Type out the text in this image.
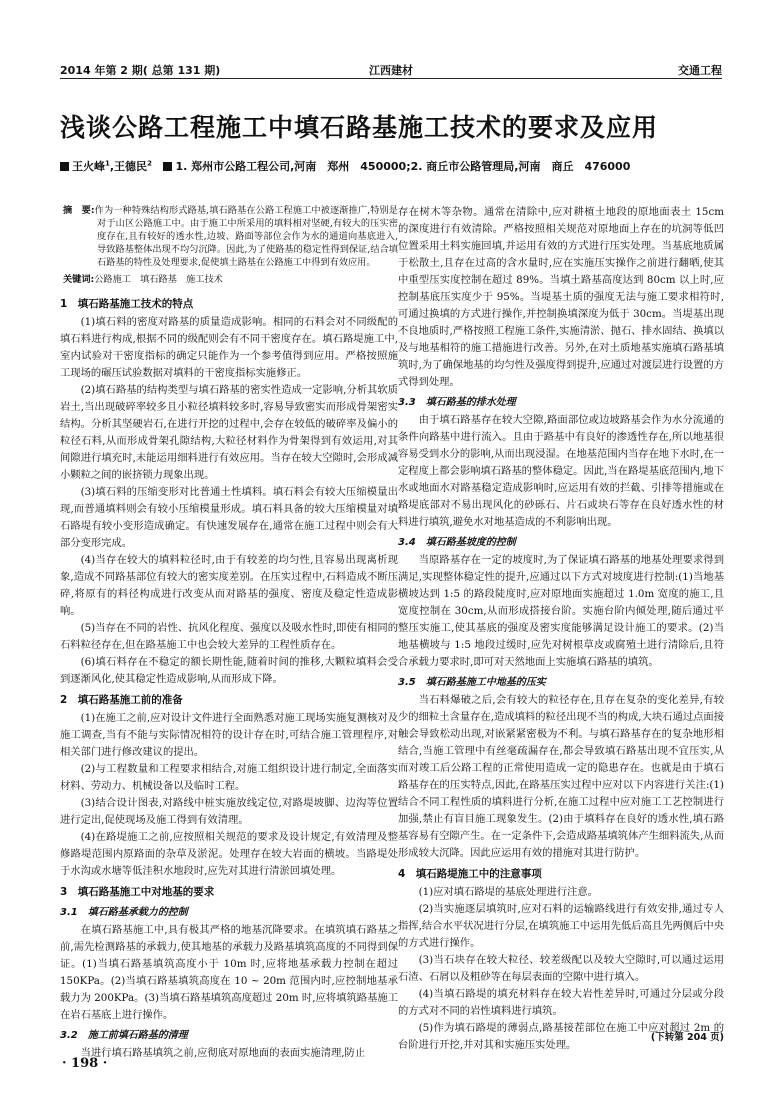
2014 年第 2 期( 总第 131 期)	江西建材	交通工程
浅谈公路工程施工中填石路基施工技术的要求及应用
王火峰$^1$,王德民$^2$ 1. 郑州市公路工程公司,河南　郑州　450000;2. 商丘市公路管理局,河南　商丘　476000

摘　要:作为一种特殊结构形式路基,填石路基在公路工程施工中被逐渐推广,特别是对于山区公路施工中。由于施工中所采用的填料相对坚硬,有较大的压实密度存在,且有较好的透水性,边坡、路面等部位会作为水的通道向基底进入,导致路基整体出现不均匀沉降。因此,为了使路基的稳定性得到保证,结合填石路基的特性及处理要求,促使填土路基在公路施工中得到有效应用。

关键词:公路施工　填石路基　施工技术
1　填石路基施工技术的特点

(1)填石料的密度对路基的质量造成影响。相同的石料会对不同级配的填石料进行构成,根据不同的级配则会有不同干密度存在。填石路堤施工中,室内试验对干密度指标的确定只能作为一个参考值得到应用。严格按照施工现场的碾压试验数据对填料的干密度指标实施修正。

(2)填石路基的结构类型与填石路基的密实性造成一定影响,分析其软质岩土,当出现破碎率较多且小粒径填料较多时,容易导致密实而形成骨架密实结构。分析其坚硬岩石,在进行开挖的过程中,会存在较低的破碎率及偏小的粒径石料,从而形成骨架孔隙结构,大粒径材料作为骨架得到有效运用,对其间隙进行填充时,未能运用细料进行有效应用。当存在较大空隙时,会形成减小颗粒之间的嵌挤锁力现象出现。

(3)填石料的压缩变形对比普通土性填料。填石料会有较大压缩模量出现,而普通填料则会有较小压缩模量形成。填石料具备的较大压缩模量对填石路堤有较小变形造成确定。有快速发展存在,通常在施工过程中则会有大部分变形完成。

(4)当存在较大的填料粒径时,由于有较差的均匀性,且容易出现离析现象,造成不同路基部位有较大的密实度差别。在压实过程中,石料造成不断压碎,将原有的料径构成进行改变从而对路基的强度、密度及稳定性造成影响。

(5)当存在不同的岩性、抗风化程度、强度以及吸水性时,即使有相同的石料粒径存在,但在路基施工中也会较大差异的工程性质存在。

(6)填石料存在不稳定的额长期性能,随着时间的推移,大颗粒填料会受到逐渐风化,使其稳定性造成影响,从而形成下降。

2　填石路基施工前的准备

(1)在施工之前,应对设计文件进行全面熟悉对施工现场实施复测核对及施工调查,当有不能与实际情况相符的设计存在时,可结合施工管理程序,对相关部门进行修改建议的提出。

(2)与工程数量和工程要求相结合,对施工组织设计进行制定,全面落实材料、劳动力、机械设备以及临时工程。

(3)结合设计图表,对路线中桩实施放线定位,对路堤坡脚、边沟等位置进行定出,促使现场及施工得到有效清理。

(4)在路堤施工之前,应按照相关规范的要求及设计规定,有效清理及整修路堤范围内原路面的杂草及淤泥。处理存在较大岩面的横坡。当路堤处于水沟或水塘等低洼积水地段时,应先对其进行清淤回填处理。

3　填石路基施工中对地基的要求
3.1　填石路基承载力的控制

在填石路基施工中,具有极其严格的地基沉降要求。在填筑填石路基之前,需先检测路基的承载力,使其地基的承载力及路基填筑高度的不同得到保证。(1)当填石路基填筑高度小于 10m 时,应将地基承载力控制在超过 150KPa。(2)当填石路基填筑高度在 10 ~ 20m 范围内时,应控制地基承载力为 200KPa。(3)当填石路基填筑高度超过 20m 时,应将填筑路基施工在岩石基底上进行操作。

3.2　施工前填石路基的清理

当进行填石路基填筑之前,应彻底对原地面的表面实施清理,防止

存在树木等杂物。通常在清除中,应对耕植土地段的原地面表土 15cm 的深度进行有效清除。严格按照相关规范对原地面上存在的坑洞等低凹位置采用土料实施回填,并运用有效的方式进行压实处理。当基底地质属于松散土,且存在过高的含水量时,应在实施压实操作之前进行翻晒,使其中重型压实度控制在超过 89%。当填土路基高度达到 80cm 以上时,应控制基底压实度少于 95%。当堤基土质的强度无法与施工要求相符时,可通过换填的方式进行操作,并控制换填深度为低于 30cm。当堤基出现不良地质时,严格按照工程施工条件,实施清淤、抛石、排水固结、换填以及与地基相符的施工措施进行改善。另外,在对土质地基实施填石路基填筑时,为了确保地基的均匀性及强度得到提升,应通过对渡层进行设置的方式得到处理。

3.3　填石路基的排水处理

由于填石路基存在较大空隙,路面部位或边坡路基会作为水分流通的条件向路基中进行流入。且由于路基中有良好的渗透性存在,所以地基很容易受到水分的影响,从而出现浸湿。在地基范围内当存在地下水时,在一定程度上都会影响填石路基的整体稳定。因此,当在路堤基底范围内,地下水或地面水对路基稳定造成影响时,应运用有效的拦截、引排等措施或在路堤底部对不易出现风化的砂砾石、片石或块石等存在良好透水性的材料进行填筑,避免水对地基造成的不利影响出现。

3.4　填石路基坡度的控制

当原路基存在一定的坡度时,为了保证填石路基的地基处理要求得到满足,实现整体稳定性的提升,应通过以下方式对坡度进行控制:(1)当地基横坡达到 1:5 的路段陡度时,应对原地面实施超过 1.0m 宽度的施工,且宽度控制在 30cm,从而形成搭接台阶。实施台阶内倾处理,随后通过平整压实施工,使其基底的强度及密实度能够满足设计施工的要求。(2)当地基横坡与 1:5 地段过缓时,应先对树根草皮或腐殖土进行清除后,且符合承载力要求时,即可对天然地面上实施填石路基的填筑。

3.5　填石路基施工中地基的压实

当石料爆破之后,会有较大的粒径存在,且存在复杂的变化差异,有较少的细粒土含量存在,造成填料的粒径出现不当的构成,大块石通过点面接触会导致松动出现,对嵌紧紧密极为不利。与填石路基存在的复杂地形相结合,当施工管理中有丝毫疏漏存在,都会导致填石路基出现不宜压实,从而对竣工后公路工程的正常使用造成一定的隐患存在。也就是由于填石路基存在的压实特点,因此,在路基压实过程中应对以下内容进行关注:(1)结合不同工程性质的填料进行分析,在施工过程中应对施工工艺控制进行加强,禁止有盲目施工现象发生。(2)由于填料存在良好的透水性,填石路基容易有空隙产生。在一定条件下,会造成路基填筑体产生细料流失,从而形成较大沉降。因此应运用有效的措施对其进行防护。

4　填石路堤施工中的注意事项

(1)应对填石路堤的基底处理进行注意。

(2)当实施逐层填筑时,应对石料的运输路线进行有效安排,通过专人指挥,结合水平状况进行分层,在填筑施工中运用先低后高且先两侧后中央的方式进行操作。

(3)当石块存在较大粒径、较差级配以及较大空隙时,可以通过运用石渣、石屑以及粗砂等在每层表面的空隙中进行填入。

(4)当填石路堤的填充材料存在较大岩性差异时,可通过分层或分段的方式对不同的岩性填料进行填筑。

(5)作为填石路堤的薄弱点,路基接茬部位在施工中应对超过 2m 的台阶进行开挖,并对其和实施压实处理。

(下转第 204 页)
· 198 ·
